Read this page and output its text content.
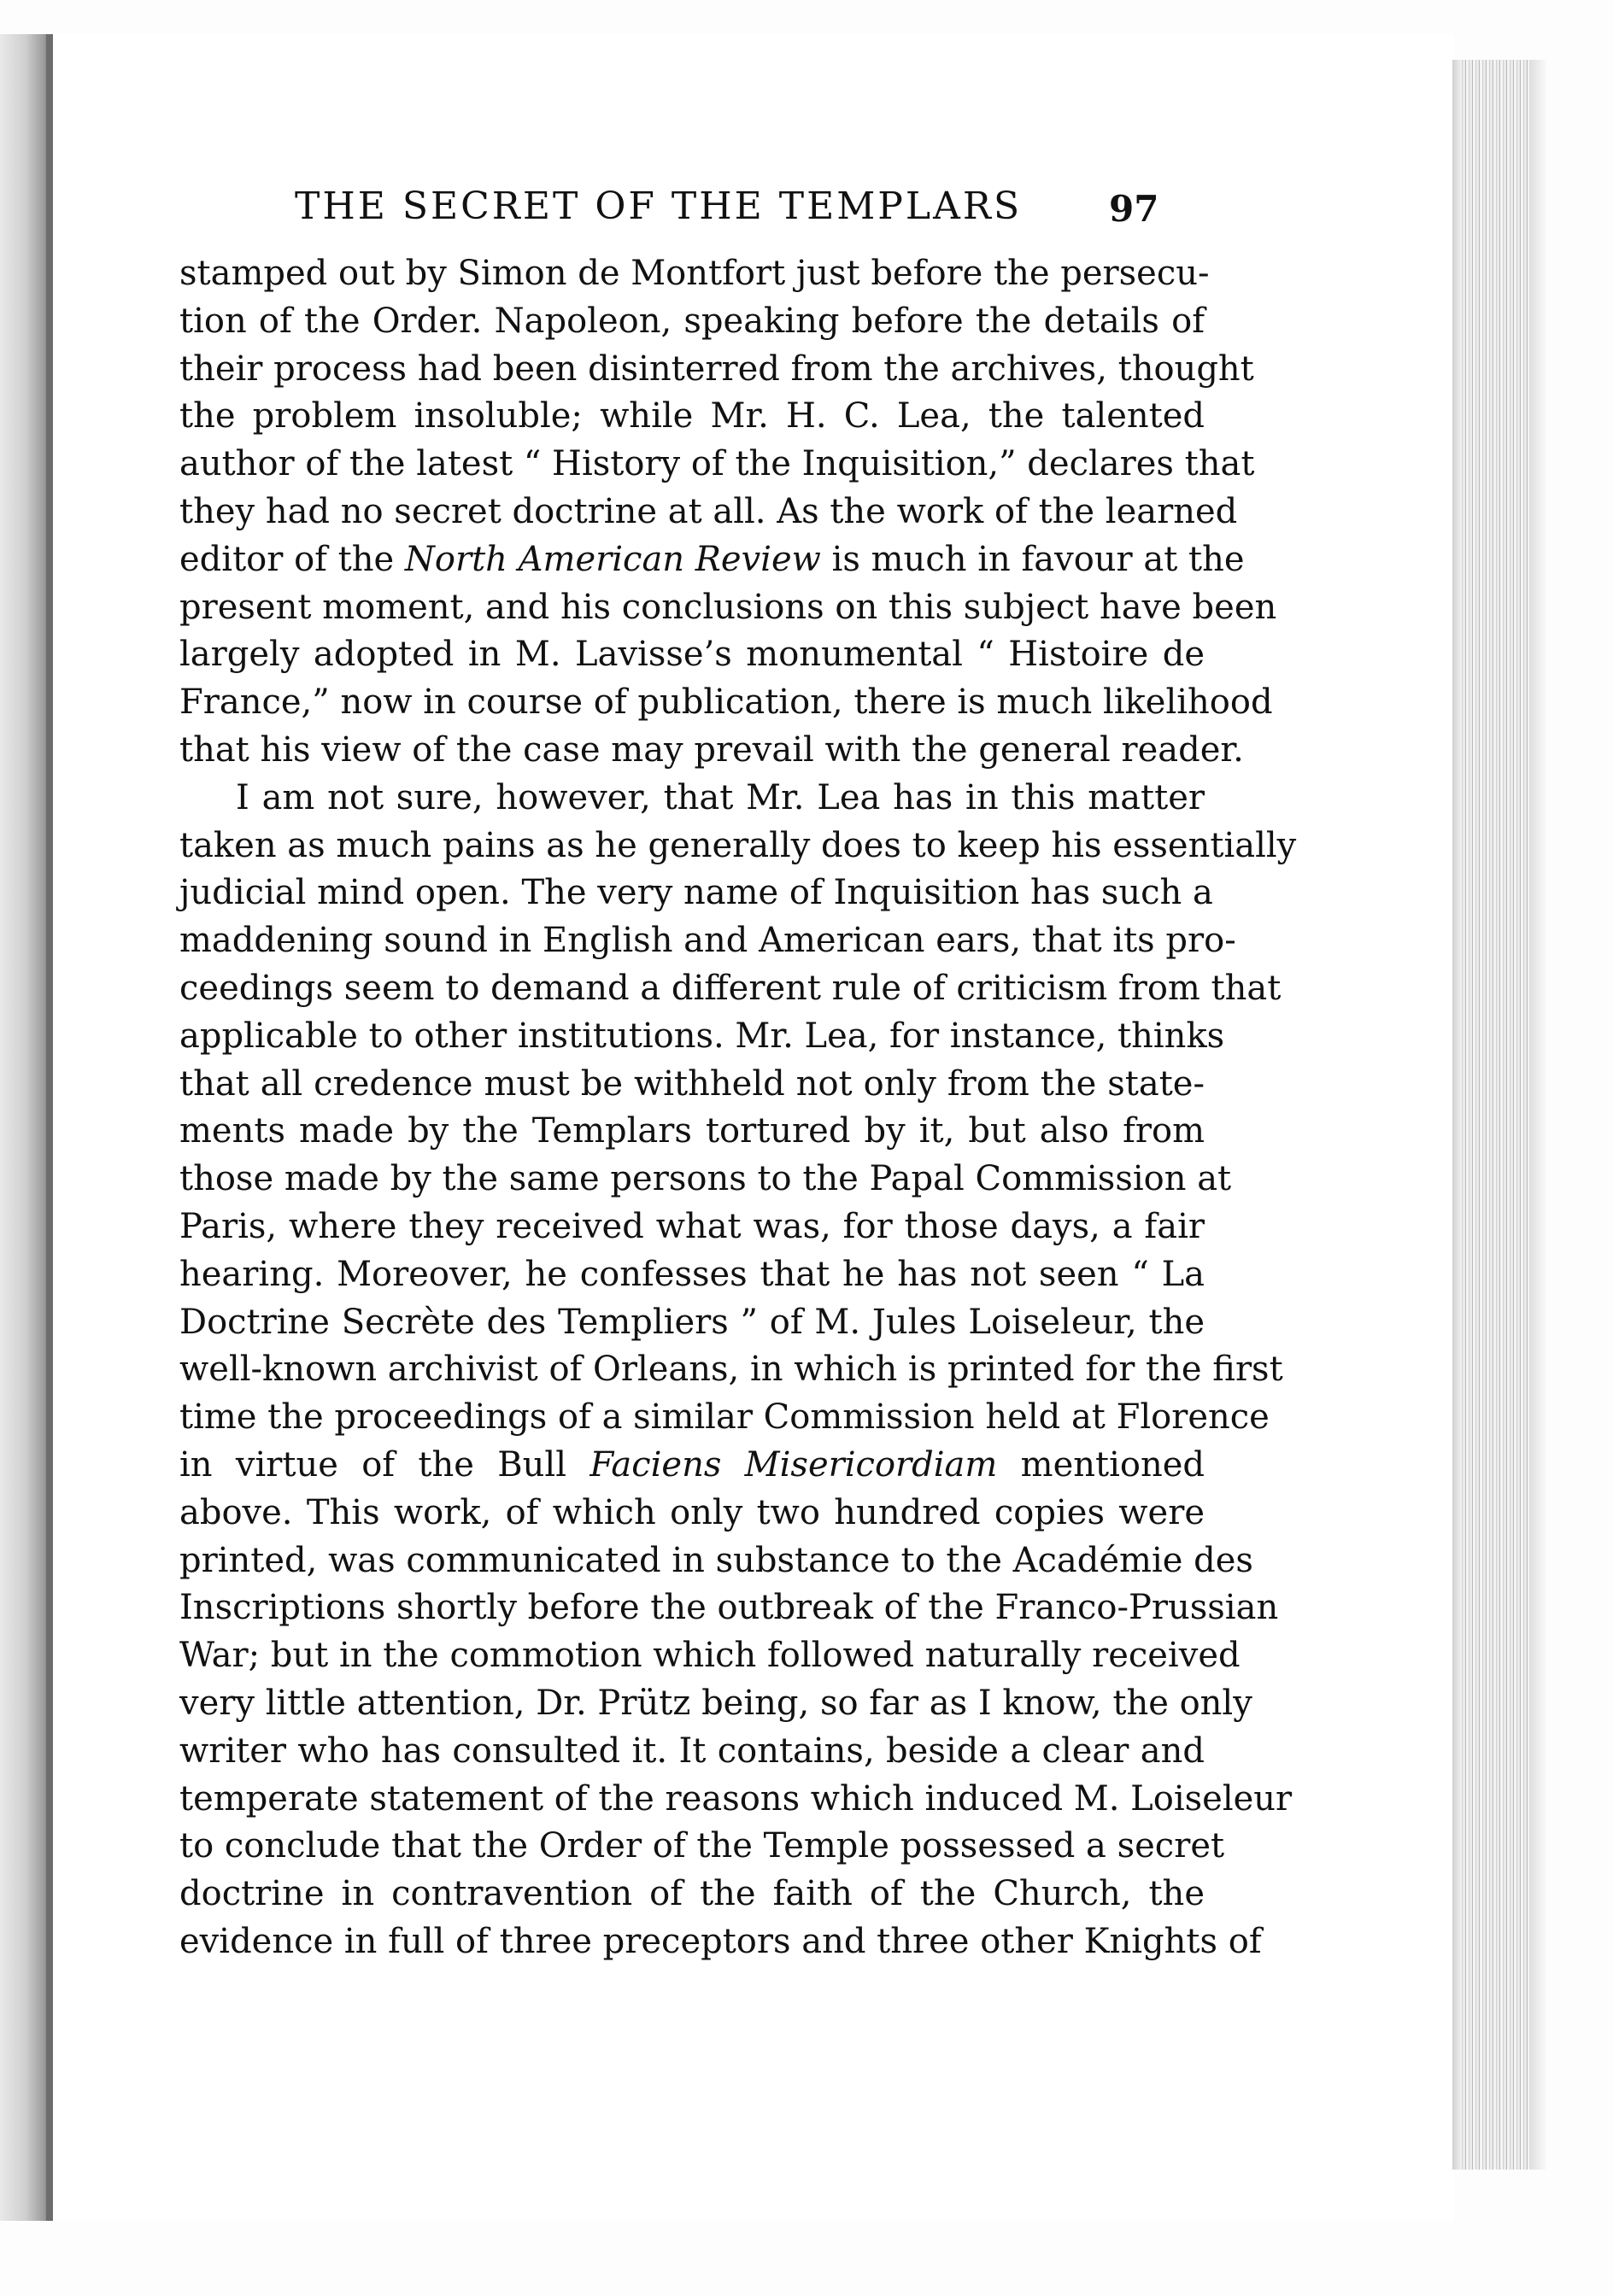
THE SECRET OF THE TEMPLARS 97
stamped out by Simon de Montfort just before the persecu-
tion of the Order. Napoleon, speaking before the details of
their process had been disinterred from the archives, thought
the problem insoluble; while Mr. H. C. Lea, the talented
author of the latest “ History of the Inquisition,” declares that
they had no secret doctrine at all. As the work of the learned
editor of the North American Review is much in favour at the
present moment, and his conclusions on this subject have been
largely adopted in M. Lavisse’s monumental “ Histoire de
France,” now in course of publication, there is much likelihood
that his view of the case may prevail with the general reader.
I am not sure, however, that Mr. Lea has in this matter
taken as much pains as he generally does to keep his essentially
judicial mind open. The very name of Inquisition has such a
maddening sound in English and American ears, that its pro-
ceedings seem to demand a different rule of criticism from that
applicable to other institutions. Mr. Lea, for instance, thinks
that all credence must be withheld not only from the state-
ments made by the Templars tortured by it, but also from
those made by the same persons to the Papal Commission at
Paris, where they received what was, for those days, a fair
hearing. Moreover, he confesses that he has not seen “ La
Doctrine Secrète des Templiers ” of M. Jules Loiseleur, the
well-known archivist of Orleans, in which is printed for the first
time the proceedings of a similar Commission held at Florence
in virtue of the Bull Faciens Misericordiam mentioned
above. This work, of which only two hundred copies were
printed, was communicated in substance to the Académie des
Inscriptions shortly before the outbreak of the Franco-Prussian
War; but in the commotion which followed naturally received
very little attention, Dr. Prütz being, so far as I know, the only
writer who has consulted it. It contains, beside a clear and
temperate statement of the reasons which induced M. Loiseleur
to conclude that the Order of the Temple possessed a secret
doctrine in contravention of the faith of the Church, the
evidence in full of three preceptors and three other Knights of
